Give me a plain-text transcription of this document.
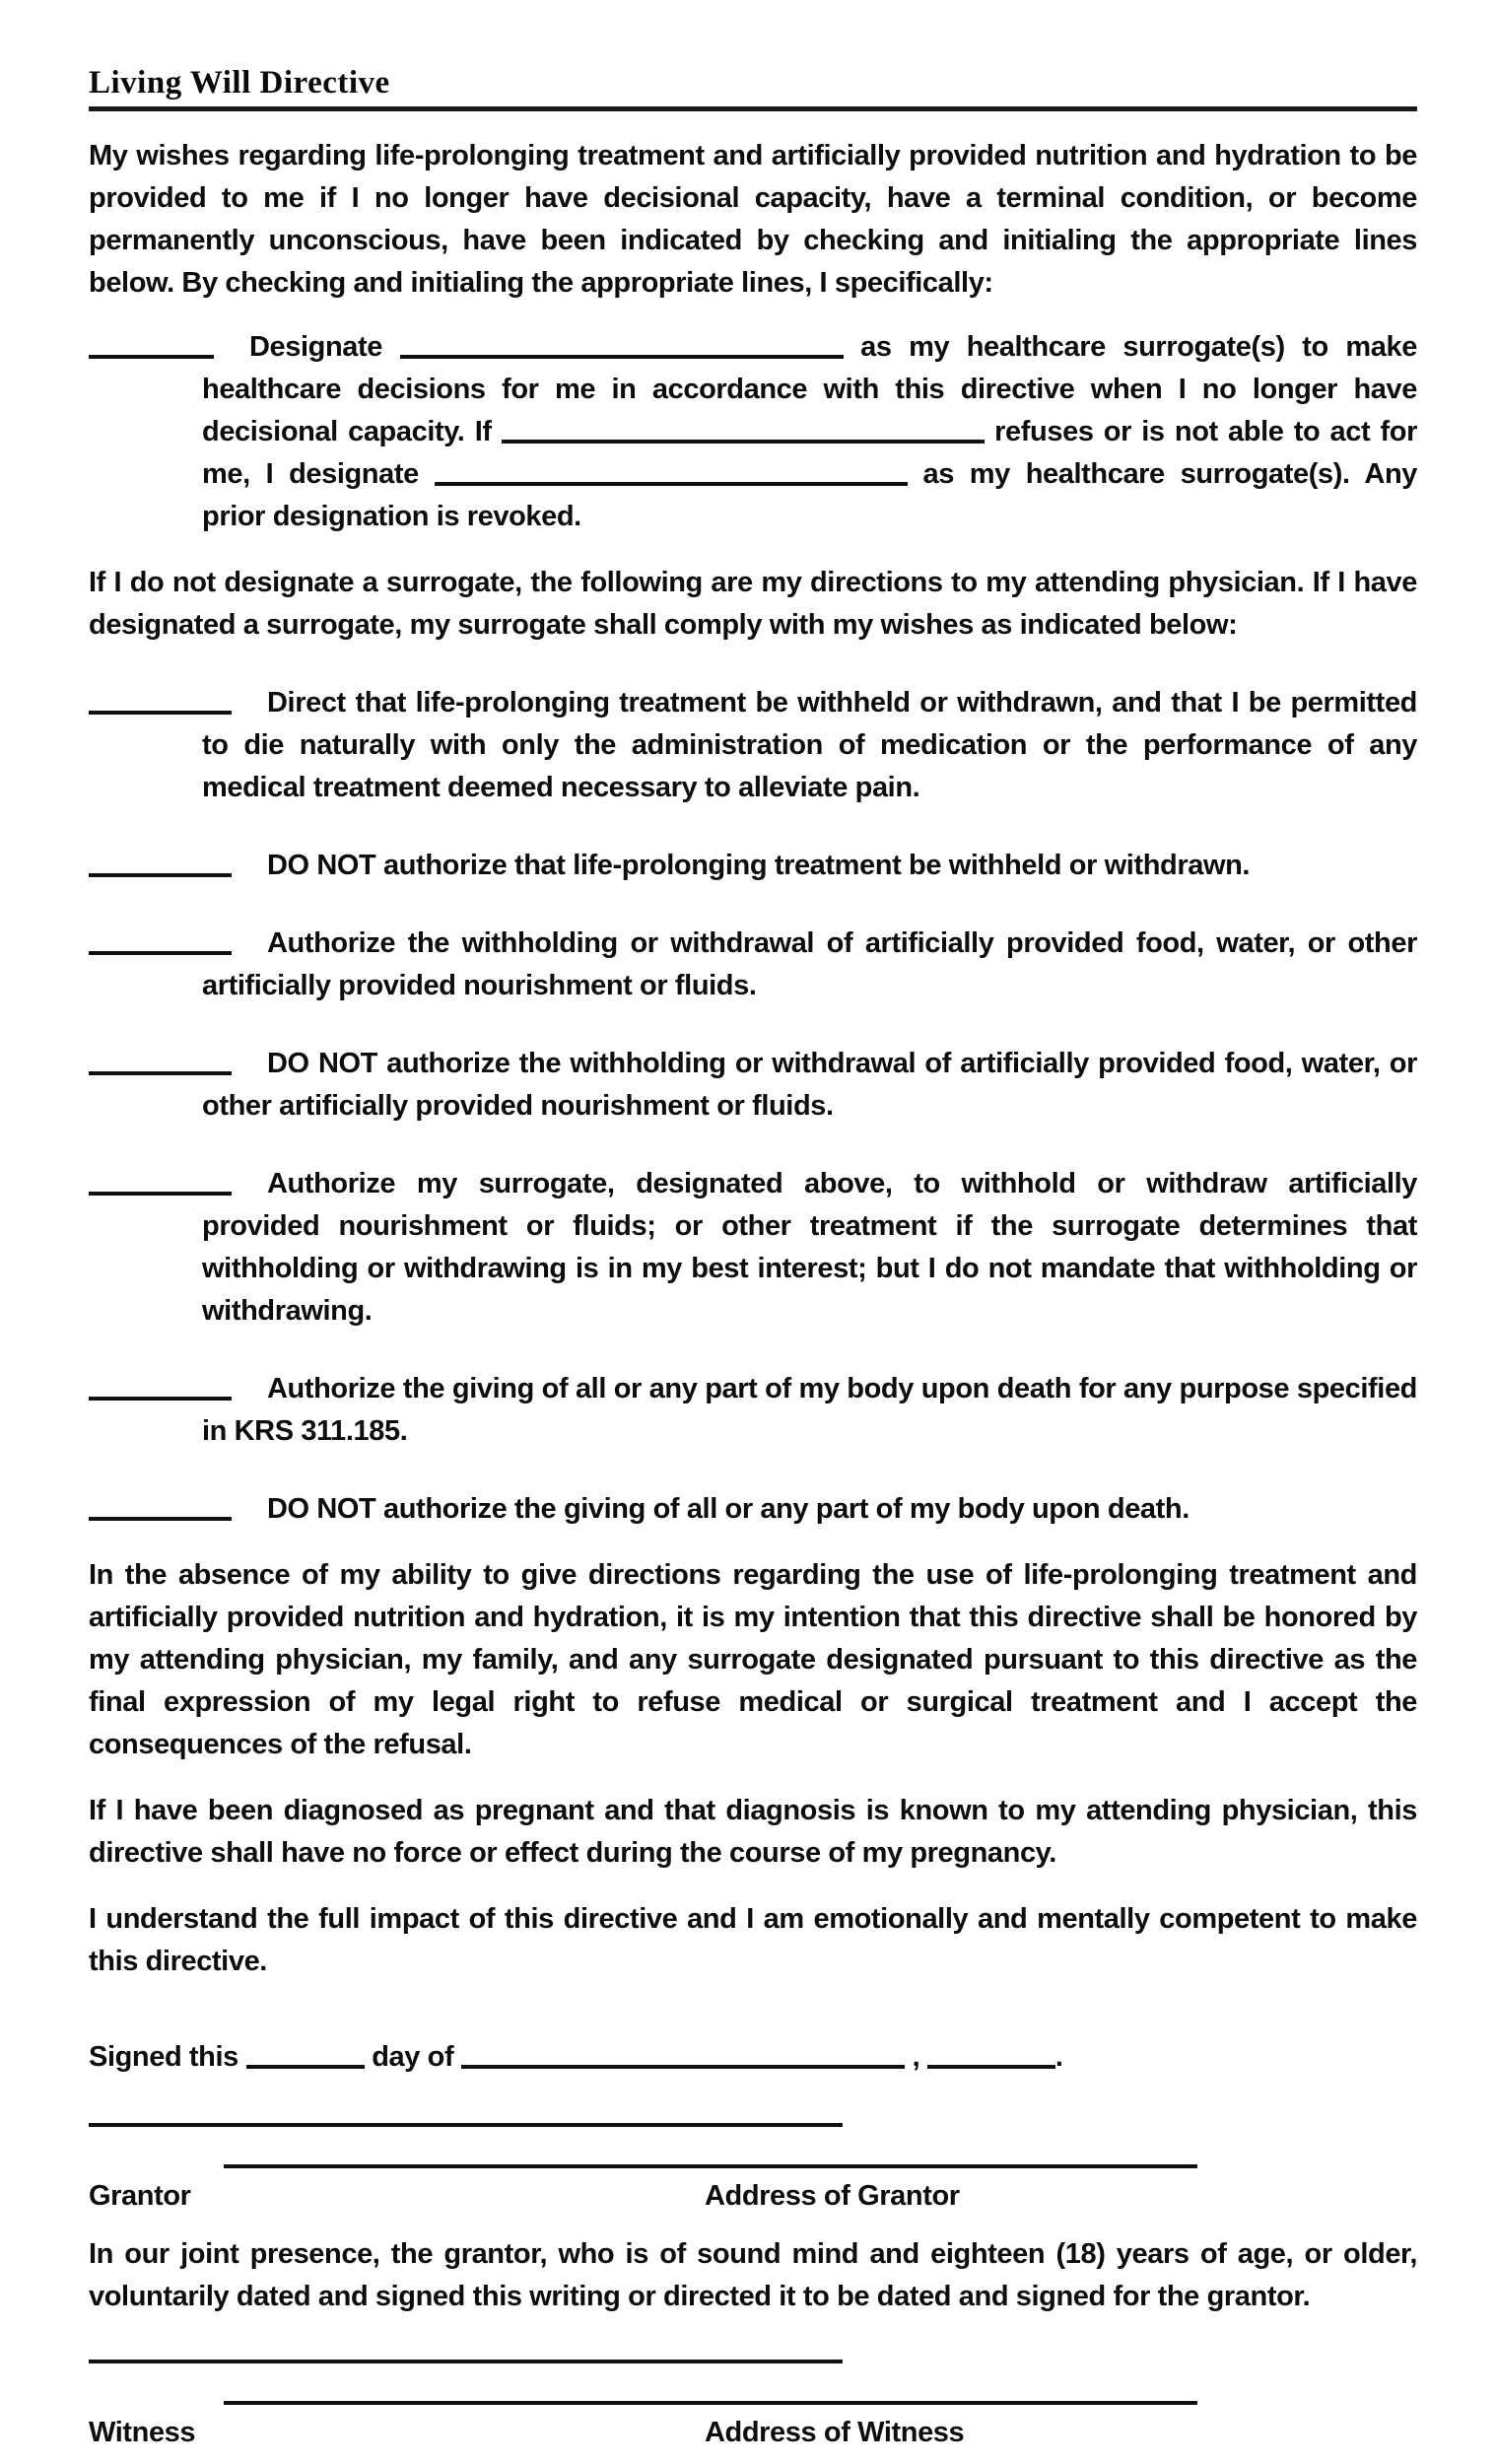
Living Will Directive

My wishes regarding life-prolonging treatment and artificially provided nutrition and hydration to be provided to me if I no longer have decisional capacity, have a terminal condition, or become permanently unconscious, have been indicated by checking and initialing the appropriate lines below. By checking and initialing the appropriate lines, I specifically:

Designate	as my healthcare surrogate(s) to make healthcare decisions for me in accordance with this directive when I no longer have decisional capacity. If	refuses or is not able to act for me, I designate	as my healthcare surrogate(s). Any prior designation is revoked.

If I do not designate a surrogate, the following are my directions to my attending physician. If I have designated a surrogate, my surrogate shall comply with my wishes as indicated below:

Direct that life-prolonging treatment be withheld or withdrawn, and that I be permitted to die naturally with only the administration of medication or the performance of any medical treatment deemed necessary to alleviate pain.
DO NOT authorize that life-prolonging treatment be withheld or withdrawn.
Authorize the withholding or withdrawal of artificially provided food, water, or other artificially provided nourishment or fluids.
DO NOT authorize the withholding or withdrawal of artificially provided food, water, or other artificially provided nourishment or fluids.
Authorize my surrogate, designated above, to withhold or withdraw artificially provided nourishment or fluids; or other treatment if the surrogate determines that withholding or withdrawing is in my best interest; but I do not mandate that withholding or withdrawing.
Authorize the giving of all or any part of my body upon death for any purpose specified in KRS 311.185.
DO NOT authorize the giving of all or any part of my body upon death.

In the absence of my ability to give directions regarding the use of life-prolonging treatment and artificially provided nutrition and hydration, it is my intention that this directive shall be honored by my attending physician, my family, and any surrogate designated pursuant to this directive as the final expression of my legal right to refuse medical or surgical treatment and I accept the consequences of the refusal.

If I have been diagnosed as pregnant and that diagnosis is known to my attending physician, this directive shall have no force or effect during the course of my pregnancy.

I understand the full impact of this directive and I am emotionally and mentally competent to make this directive.

Signed this	day of	,	.

Grantor	Address of Grantor

In our joint presence, the grantor, who is of sound mind and eighteen (18) years of age, or older, voluntarily dated and signed this writing or directed it to be dated and signed for the grantor.

Witness	Address of Witness
